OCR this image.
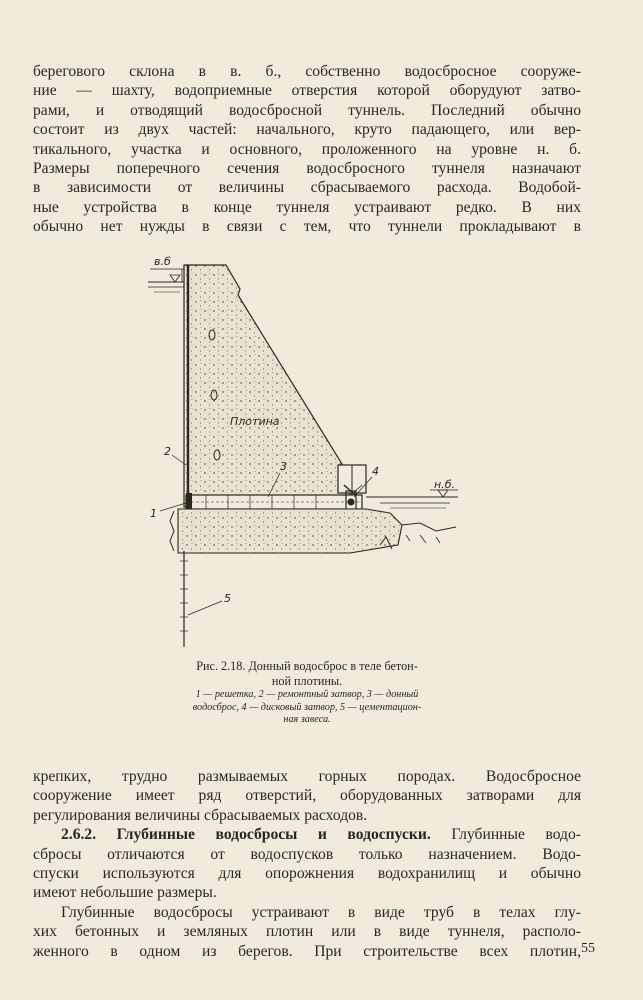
берегового склона в в. б., собственно водосбросное сооруже-
ние — шахту, водоприемные отверстия которой оборудуют затво-
рами, и отводящий водосбросной туннель. Последний обычно
состоит из двух частей: начального, круто падающего, или вер-
тикального, участка и основного, проложенного на уровне н. б.
Размеры поперечного сечения водосбросного туннеля назначают
в зависимости от величины сбрасываемого расхода. Водобой-
ные устройства в конце туннеля устраивают редко. В них
обычно нет нужды в связи с тем, что туннели прокладывают в
в.б
Плотина
н.б.
2
1
3	4
5
Рис. 2.18. Донный водосброс в теле бетон-
ной плотины.
1 — решетка, 2 — ремонтный затвор, 3 — донный
водосброс, 4 — дисковый затвор, 5 — цементацион-
ная завеса.
крепких, трудно размываемых горных породах. Водосбросное
сооружение имеет ряд отверстий, оборудованных затворами для
регулирования величины сбрасываемых расходов.
2.6.2. Глубинные водосбросы и водоспуски. Глубинные водо-
сбросы отличаются от водоспусков только назначением. Водо-
спуски используются для опорожнения водохранилищ и обычно
имеют небольшие размеры.
Глубинные водосбросы устраивают в виде труб в телах глу-
хих бетонных и земляных плотин или в виде туннеля, располо-
женного в одном из берегов. При строительстве всех плотин, 55
